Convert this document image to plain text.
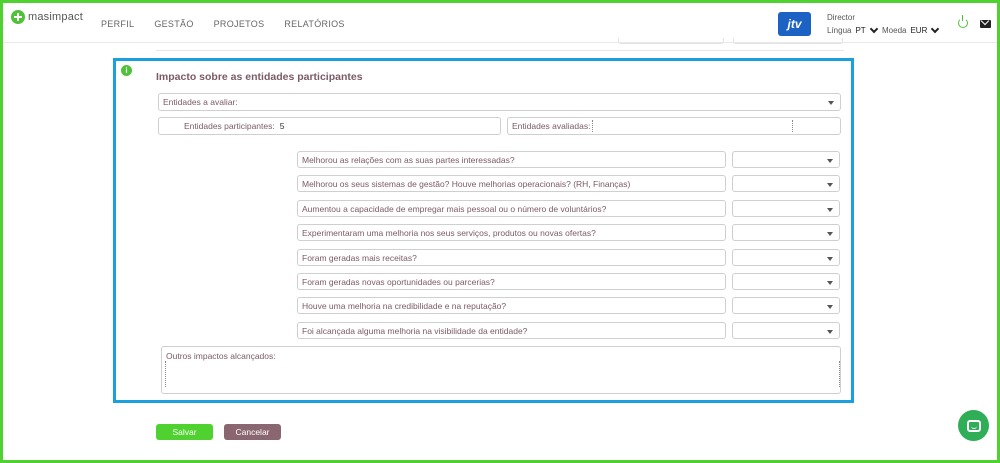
masimpact
PERFIL GESTÃO PROJETOS RELATÓRIOS	jtv	Director
Língua PT Moeda EUR
i
Impacto sobre as entidades participantes
Entidades a avaliar:
Entidades participantes: 5	Entidades avaliadas:
Melhorou as relações com as suas partes interessadas?
Melhorou os seus sistemas de gestão? Houve melhorias operacionais? (RH, Finanças)
Aumentou a capacidade de empregar mais pessoal ou o número de voluntários?
Experimentaram uma melhoria nos seus serviços, produtos ou novas ofertas?
Foram geradas mais receitas?
Foram geradas novas oportunidades ou parcerias?
Houve uma melhoria na credibilidade e na reputação?
Foi alcançada alguma melhoria na visibilidade da entidade?
Outros impactos alcançados:
Salvar	Cancelar
